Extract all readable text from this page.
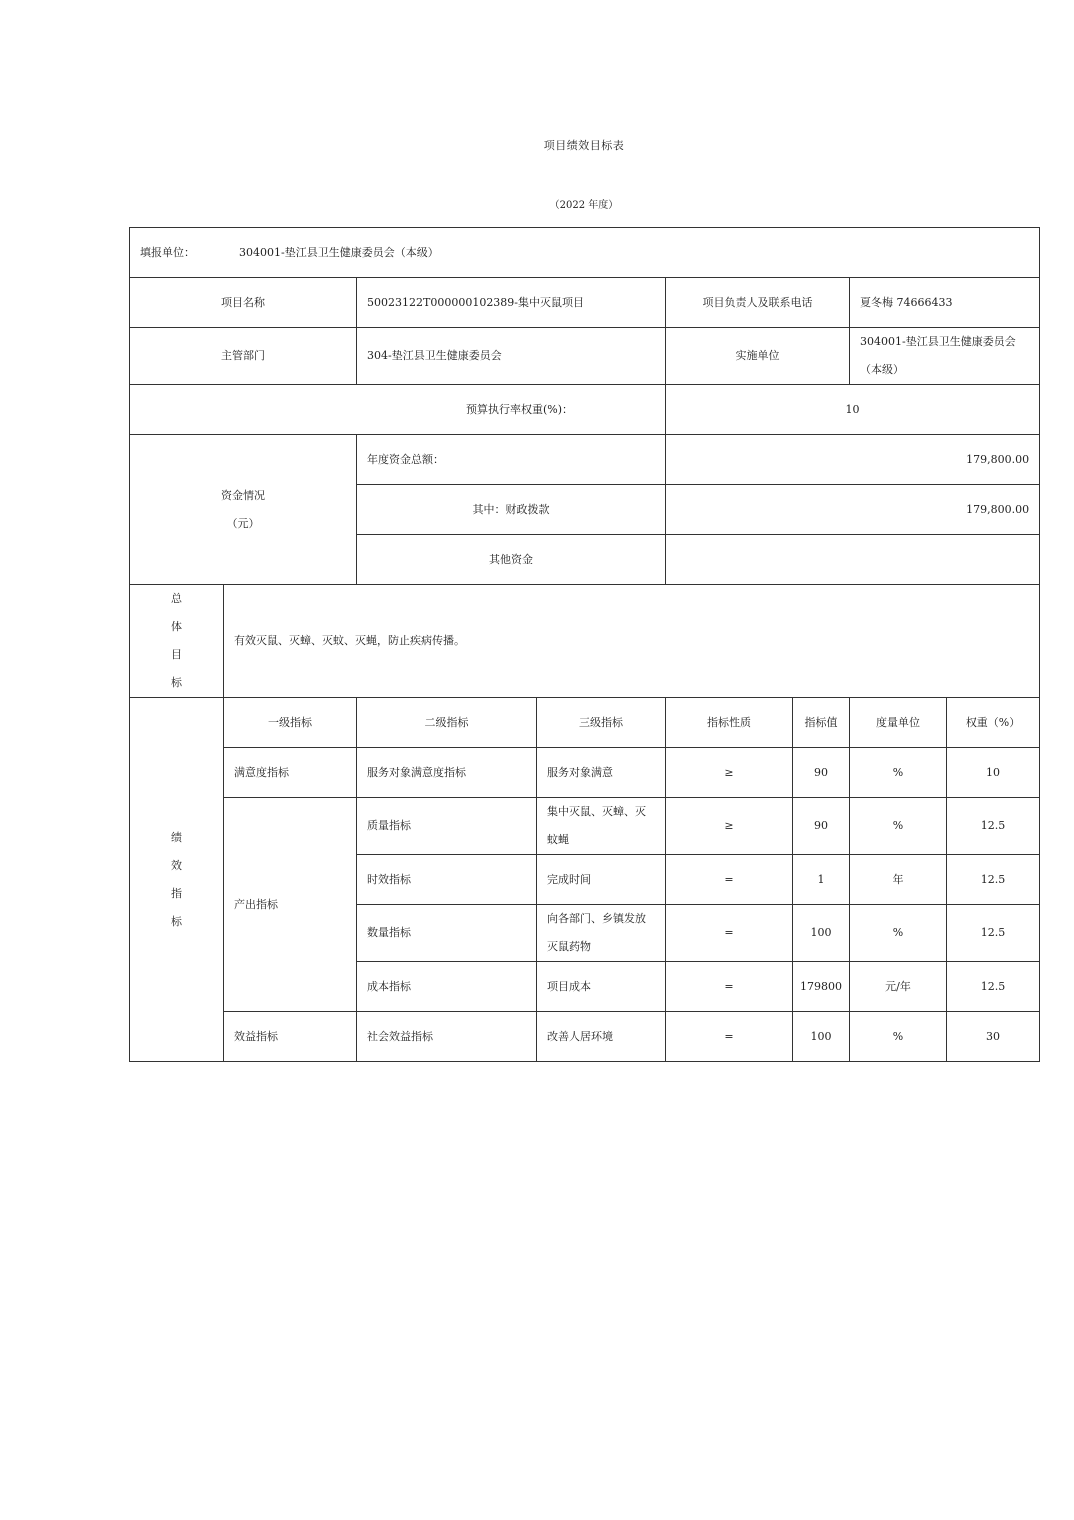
项目绩效目标表
（2022 年度）
填报单位： 304001-垫江县卫生健康委员会（本级）							
项目名称		50023122T000000102389-集中灭鼠项目		项目负责人及联系电话		夏冬梅 74666433	
主管部门		304-垫江县卫生健康委员会		实施单位		304001-垫江县卫生健康委员会（本级）	
预算执行率权重(%)：				10			

资金情况
（元）		年度资金总额：		179,800.00			
		其中：财政拨款		179,800.00			
		其他资金					

总
体
目
标	有效灭鼠、灭蟑、灭蚊、灭蝇，防止疾病传播。						

绩
效
指
标	一级指标	二级指标	三级指标	指标性质	指标值	度量单位	权重（%）
	满意度指标	服务对象满意度指标	服务对象满意	≥	90	%	10
	产出指标	质量指标	集中灭鼠、灭蟑、灭蚊蝇	≥	90	%	12.5
		时效指标	完成时间	=	1	年	12.5
		数量指标	向各部门、乡镇发放灭鼠药物	=	100	%	12.5
		成本指标	项目成本	=	179800	元/年	12.5
	效益指标	社会效益指标	改善人居环境	=	100	%	30
